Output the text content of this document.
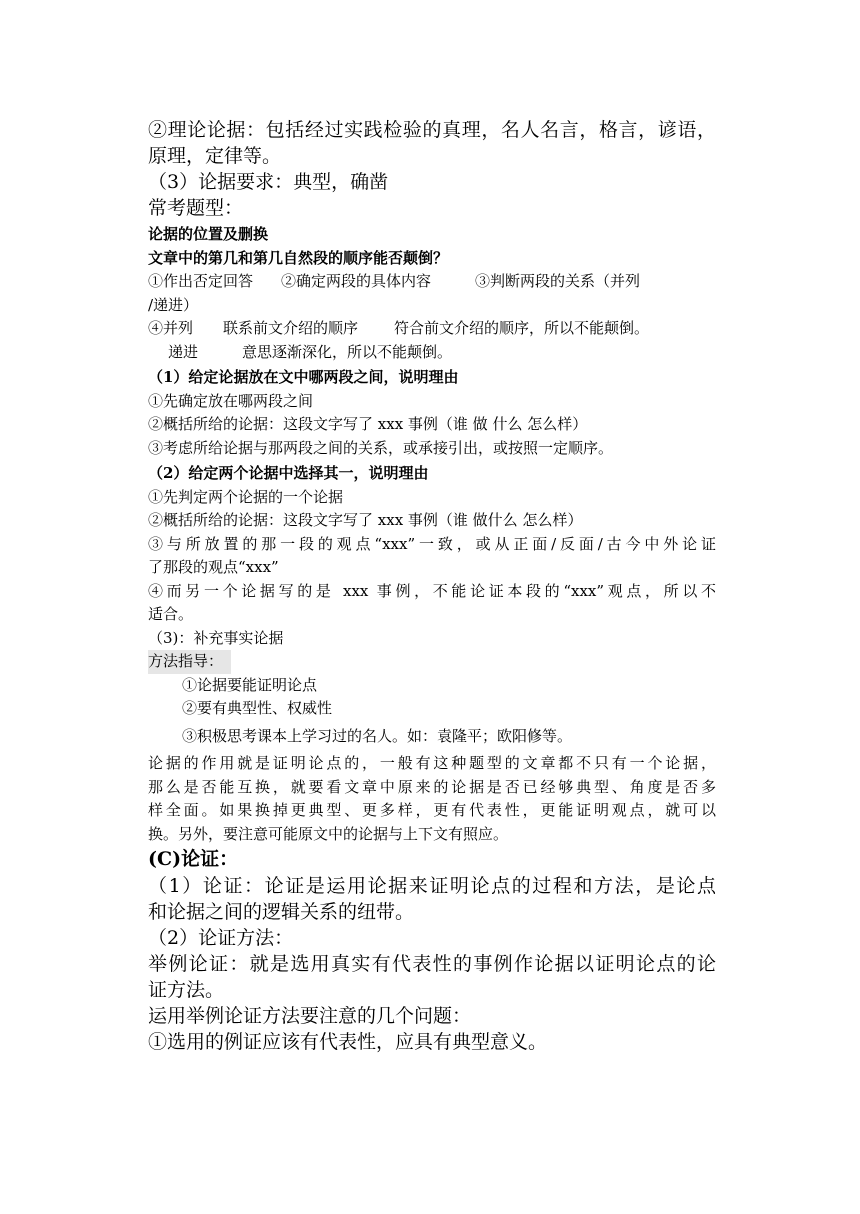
②理论论据：包括经过实践检验的真理，名人名言，格言，谚语，
原理，定律等。
（3）论据要求：典型，确凿
常考题型：
论据的位置及删换
文章中的第几和第几自然段的顺序能否颠倒？
①作出否定回答 ②确定两段的具体内容	③判断两段的关系（并列
/递进）
④并列 联系前文介绍的顺序 符合前文介绍的顺序，所以不能颠倒。
递进	意思逐渐深化，所以不能颠倒。
（1）给定论据放在文中哪两段之间，说明理由
①先确定放在哪两段之间
②概括所给的论据：这段文字写了 xxx 事例（谁 做 什么 怎么样）
③考虑所给论据与那两段之间的关系，或承接引出，或按照一定顺序。
（2）给定两个论据中选择其一，说明理由
①先判定两个论据的一个论据
②概括所给的论据：这段文字写了 xxx 事例（谁 做什么 怎么样）
③与所放置的那一段的观点“xxx”一致，或从正面/反面/古今中外论证
了那段的观点“xxx”
④而另一个论据写的是 xxx 事例，不能论证本段的“xxx”观点，所以不
适合。
（3)：补充事实论据
方法指导：
①论据要能证明论点
②要有典型性、权威性
③积极思考课本上学习过的名人。如：袁隆平；欧阳修等。
论据的作用就是证明论点的，一般有这种题型的文章都不只有一个论据，
那么是否能互换，就要看文章中原来的论据是否已经够典型、角度是否多
样全面。如果换掉更典型、更多样，更有代表性，更能证明观点，就可以
换。另外，要注意可能原文中的论据与上下文有照应。
(C)论证：
（1）论证：论证是运用论据来证明论点的过程和方法，是论点
和论据之间的逻辑关系的纽带。
（2）论证方法：
举例论证：就是选用真实有代表性的事例作论据以证明论点的论
证方法。
运用举例论证方法要注意的几个问题：
①选用的例证应该有代表性，应具有典型意义。
